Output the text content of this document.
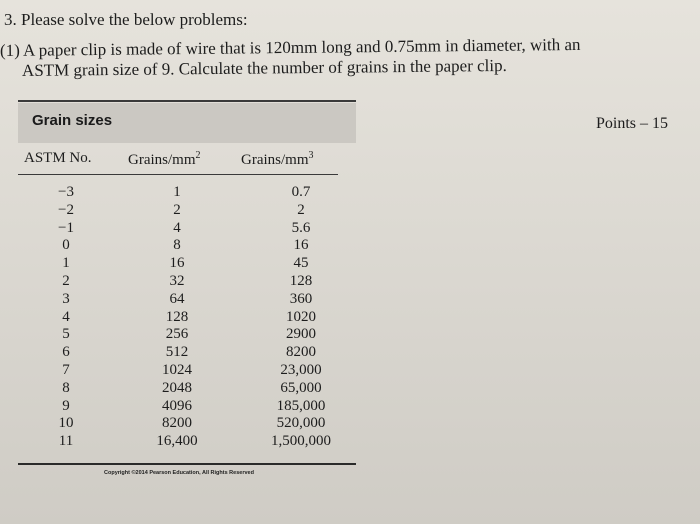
3. Please solve the below problems:
(1) A paper clip is made of wire that is 120mm long and 0.75mm in diameter, with an
ASTM grain size of 9. Calculate the number of grains in the paper clip.
Points – 15
Grain sizes
ASTM No. Grains/$mm^2$	Grains/$mm^3$
−3
−2
−1
0
1
2
3
4
5
6
7
8
9
10
11
1
2
4
8
16
32
64
128
256
512
1024
2048
4096
8200
16,400
0.7
2
5.6
16
45
128
360
1020
2900
8200
23,000
65,000
185,000
520,000
1,500,000
Copyright ©2014 Pearson Education, All Rights Reserved
